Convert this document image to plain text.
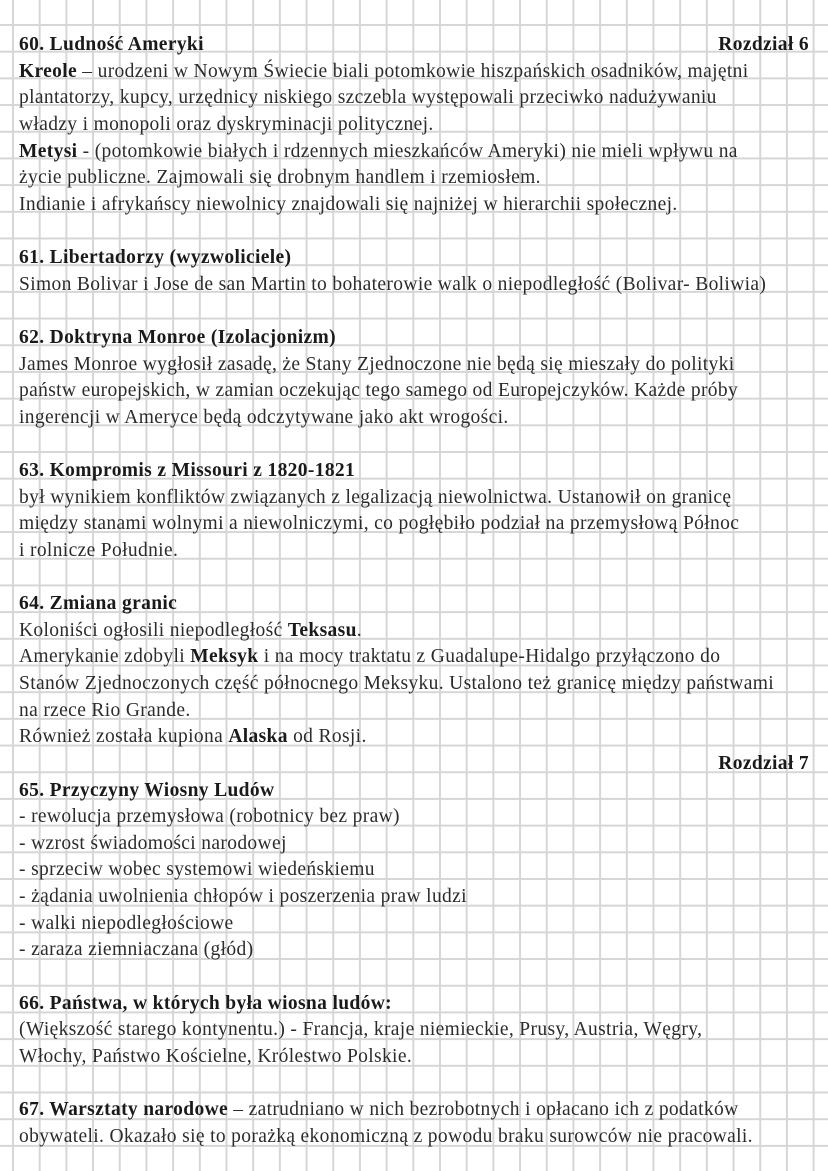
60. Ludność Ameryki	Rozdział 6
Kreole – urodzeni w Nowym Świecie biali potomkowie hiszpańskich osadników, majętni
plantatorzy, kupcy, urzędnicy niskiego szczebla występowali przeciwko nadużywaniu
władzy i monopoli oraz dyskryminacji politycznej.
Metysi - (potomkowie białych i rdzennych mieszkańców Ameryki) nie mieli wpływu na
życie publiczne. Zajmowali się drobnym handlem i rzemiosłem.
Indianie i afrykańscy niewolnicy znajdowali się najniżej w hierarchii społecznej.
61. Libertadorzy (wyzwoliciele)
Simon Bolivar i Jose de san Martin to bohaterowie walk o niepodległość (Bolivar- Boliwia)
62. Doktryna Monroe (Izolacjonizm)
James Monroe wygłosił zasadę, że Stany Zjednoczone nie będą się mieszały do polityki
państw europejskich, w zamian oczekując tego samego od Europejczyków. Każde próby
ingerencji w Ameryce będą odczytywane jako akt wrogości.
63. Kompromis z Missouri z 1820-1821
był wynikiem konfliktów związanych z legalizacją niewolnictwa. Ustanowił on granicę
między stanami wolnymi a niewolniczymi, co pogłębiło podział na przemysłową Północ
i rolnicze Południe.
64. Zmiana granic
Koloniści ogłosili niepodległość Teksasu.
Amerykanie zdobyli Meksyk i na mocy traktatu z Guadalupe-Hidalgo przyłączono do
Stanów Zjednoczonych część północnego Meksyku. Ustalono też granicę między państwami
na rzece Rio Grande.
Również została kupiona Alaska od Rosji.
Rozdział 7
65. Przyczyny Wiosny Ludów
- rewolucja przemysłowa (robotnicy bez praw)
- wzrost świadomości narodowej
- sprzeciw wobec systemowi wiedeńskiemu
- żądania uwolnienia chłopów i poszerzenia praw ludzi
- walki niepodległościowe
- zaraza ziemniaczana (głód)
66. Państwa, w których była wiosna ludów:
(Większość starego kontynentu.) - Francja, kraje niemieckie, Prusy, Austria, Węgry,
Włochy, Państwo Kościelne, Królestwo Polskie.
67. Warsztaty narodowe – zatrudniano w nich bezrobotnych i opłacano ich z podatków
obywateli. Okazało się to porażką ekonomiczną z powodu braku surowców nie pracowali.
